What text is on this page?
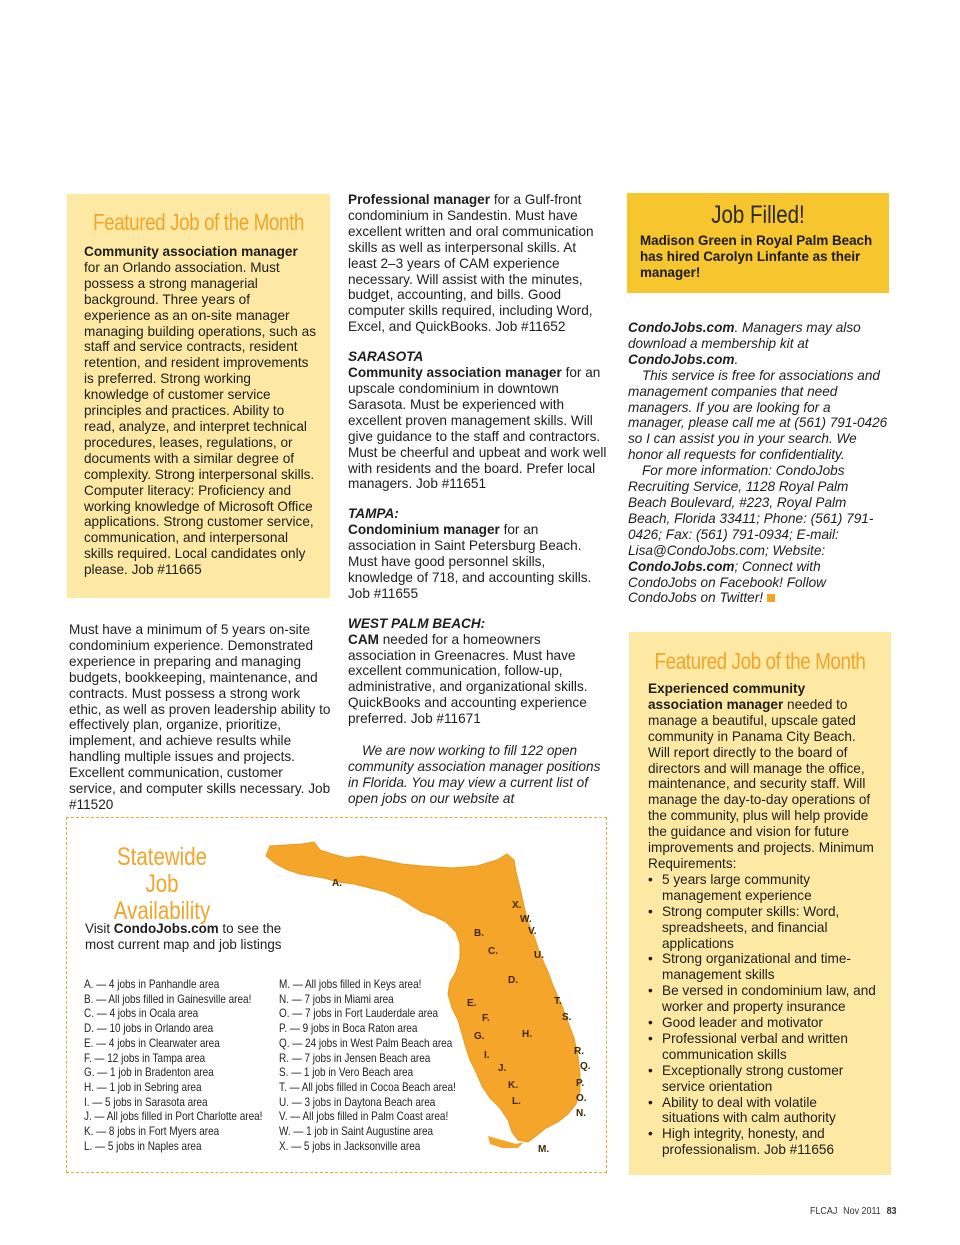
Featured Job of the Month

Community association manager for an Orlando association. Must possess a strong managerial background. Three years of experience as an on-site manager managing building operations, such as staff and service contracts, resident retention, and resident improvements is preferred. Strong working knowledge of customer service principles and practices. Ability to read, analyze, and interpret technical procedures, leases, regulations, or documents with a similar degree of complexity. Strong interpersonal skills. Computer literacy: Proficiency and working knowledge of Microsoft Office applications. Strong customer service, communication, and interpersonal skills required. Local candidates only please. Job #11665

Must have a minimum of 5 years on-site condominium experience. Demonstrated experience in preparing and managing budgets, bookkeeping, maintenance, and contracts. Must possess a strong work ethic, as well as proven leadership ability to effectively plan, organize, prioritize, implement, and achieve results while handling multiple issues and projects. Excellent communication, customer service, and computer skills necessary. Job #11520

Professional manager for a Gulf-front condominium in Sandestin. Must have excellent written and oral communication skills as well as interpersonal skills. At least 2–3 years of CAM experience necessary. Will assist with the minutes, budget, accounting, and bills. Good computer skills required, including Word, Excel, and QuickBooks. Job #11652

SARASOTA

Community association manager for an upscale condominium in downtown Sarasota. Must be experienced with excellent proven management skills. Will give guidance to the staff and contractors. Must be cheerful and upbeat and work well with residents and the board. Prefer local managers. Job #11651

TAMPA:

Condominium manager for an association in Saint Petersburg Beach. Must have good personnel skills, knowledge of 718, and accounting skills. Job #11655

WEST PALM BEACH:

CAM needed for a homeowners association in Greenacres. Must have excellent communication, follow-up, administrative, and organizational skills. QuickBooks and accounting experience preferred. Job #11671

We are now working to fill 122 open community association manager positions in Florida. You may view a current list of open jobs on our website at

Job Filled!
Madison Green in Royal Palm Beach has hired Carolyn Linfante as their manager!

CondoJobs.com. Managers may also download a membership kit at CondoJobs.com.

This service is free for associations and management companies that need managers. If you are looking for a manager, please call me at (561) 791-0426 so I can assist you in your search. We honor all requests for confidentiality.

For more information: CondoJobs Recruiting Service, 1128 Royal Palm Beach Boulevard, #223, Royal Palm Beach, Florida 33411; Phone: (561) 791-0426; Fax: (561) 791-0934; E-mail: Lisa@CondoJobs.com; Website: CondoJobs.com; Connect with CondoJobs on Facebook! Follow CondoJobs on Twitter!

Featured Job of the Month

Experienced community association manager needed to manage a beautiful, upscale gated community in Panama City Beach. Will report directly to the board of directors and will manage the office, maintenance, and security staff. Will manage the day-to-day operations of the community, plus will help provide the guidance and vision for future improvements and projects. Minimum Requirements:

• 5 years large community management experience
• Strong computer skills: Word, spreadsheets, and financial applications
• Strong organizational and time-management skills
• Be versed in condominium law, and worker and property insurance
• Good leader and motivator
• Professional verbal and written communication skills
• Exceptionally strong customer service orientation
• Ability to deal with volatile situations with calm authority
• High integrity, honesty, and professionalism. Job #11656
Statewide Job
Availability
Visit CondoJobs.com to see the most current map and job listings
A. — 4 jobs in Panhandle area
B. — All jobs filled in Gainesville area!
C. — 4 jobs in Ocala area
D. — 10 jobs in Orlando area
E. — 4 jobs in Clearwater area
F. — 12 jobs in Tampa area
G. — 1 job in Bradenton area
H. — 1 job in Sebring area
I. — 5 jobs in Sarasota area
J. — All jobs filled in Port Charlotte area!
K. — 8 jobs in Fort Myers area
L. — 5 jobs in Naples area
M. — All jobs filled in Keys area!
N. — 7 jobs in Miami area
O. — 7 jobs in Fort Lauderdale area
P. — 9 jobs in Boca Raton area
Q. — 24 jobs in West Palm Beach area
R. — 7 jobs in Jensen Beach area
S. — 1 job in Vero Beach area
T. — All jobs filled in Cocoa Beach area!
U. — 3 jobs in Daytona Beach area
V. — All jobs filled in Palm Coast area!
W. — 1 job in Saint Augustine area
X. — 5 jobs in Jacksonville area
A.
B.
C.
D.
E.
F.
G.	H.
I.
J.
K.
L.
M.
N.
O.
P.
Q.
R.
S.
T.
U.
V.
W.
X.
FLCAJ Nov 2011 83
